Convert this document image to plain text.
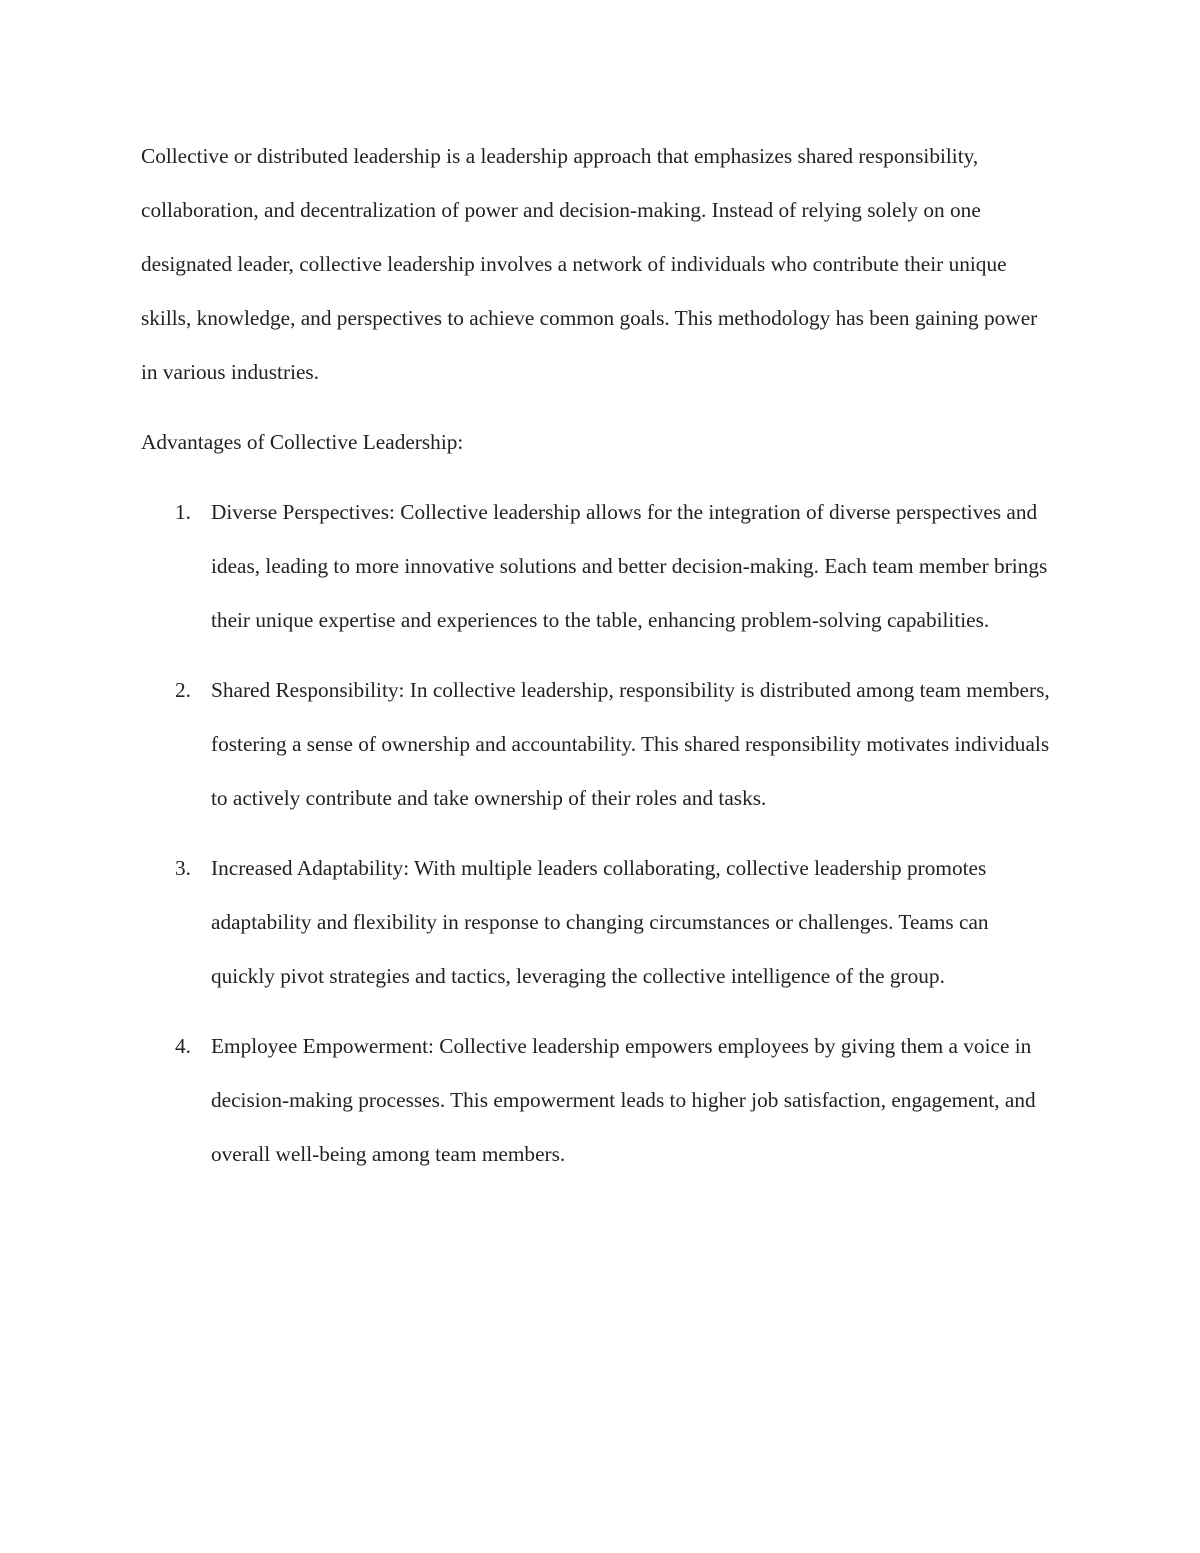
Collective or distributed leadership is a leadership approach that emphasizes shared responsibility, collaboration, and decentralization of power and decision-making. Instead of relying solely on one designated leader, collective leadership involves a network of individuals who contribute their unique skills, knowledge, and perspectives to achieve common goals. This methodology has been gaining power in various industries.

Advantages of Collective Leadership:

1. Diverse Perspectives: Collective leadership allows for the integration of diverse perspectives and ideas, leading to more innovative solutions and better decision-making. Each team member brings their unique expertise and experiences to the table, enhancing problem-solving capabilities.
2. Shared Responsibility: In collective leadership, responsibility is distributed among team members, fostering a sense of ownership and accountability. This shared responsibility motivates individuals to actively contribute and take ownership of their roles and tasks.
3. Increased Adaptability: With multiple leaders collaborating, collective leadership promotes adaptability and flexibility in response to changing circumstances or challenges. Teams can quickly pivot strategies and tactics, leveraging the collective intelligence of the group.
4. Employee Empowerment: Collective leadership empowers employees by giving them a voice in decision-making processes. This empowerment leads to higher job satisfaction, engagement, and overall well-being among team members.
